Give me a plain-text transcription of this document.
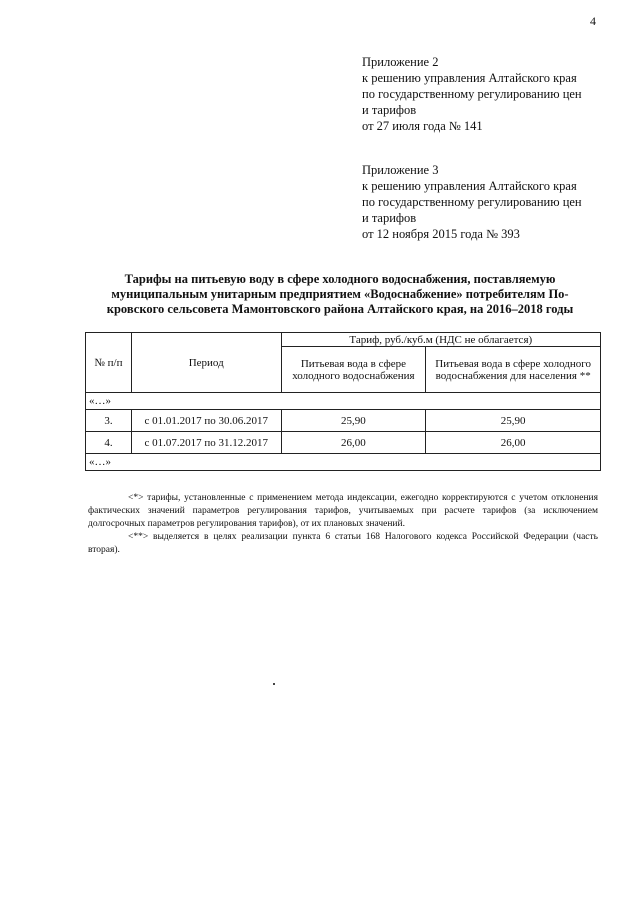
4
Приложение 2
к решению управления Алтайского края
по государственному регулированию цен
и тарифов
от 27 июля года № 141
Приложение 3
к решению управления Алтайского края
по государственному регулированию цен
и тарифов
от 12 ноября 2015 года № 393
Тарифы на питьевую воду в сфере холодного водоснабжения, поставляемую
муниципальным унитарным предприятием «Водоснабжение» потребителям По-
кровского сельсовета Мамонтовского района Алтайского края, на 2016–2018 годы
№ п/п	Период	Тариф, руб./куб.м (НДС не облагается)	
		Питьевая вода в сфере холодного водоснабжения	Питьевая вода в сфере холодного водоснабжения для населения **
«…»			
3.	с 01.01.2017 по 30.06.2017	25,90	25,90
4.	с 01.07.2017 по 31.12.2017	26,00	26,00
«…»			

<*> тарифы, установленные с применением метода индексации, ежегодно корректируются с учетом отклонения фактических значений параметров регулирования тарифов, учитываемых при расчете тарифов (за исключением долгосрочных параметров регулирования тарифов), от их плановых значений.

<**> выделяется в целях реализации пункта 6 статьи 168 Налогового кодекса Российской Федерации (часть вторая).
